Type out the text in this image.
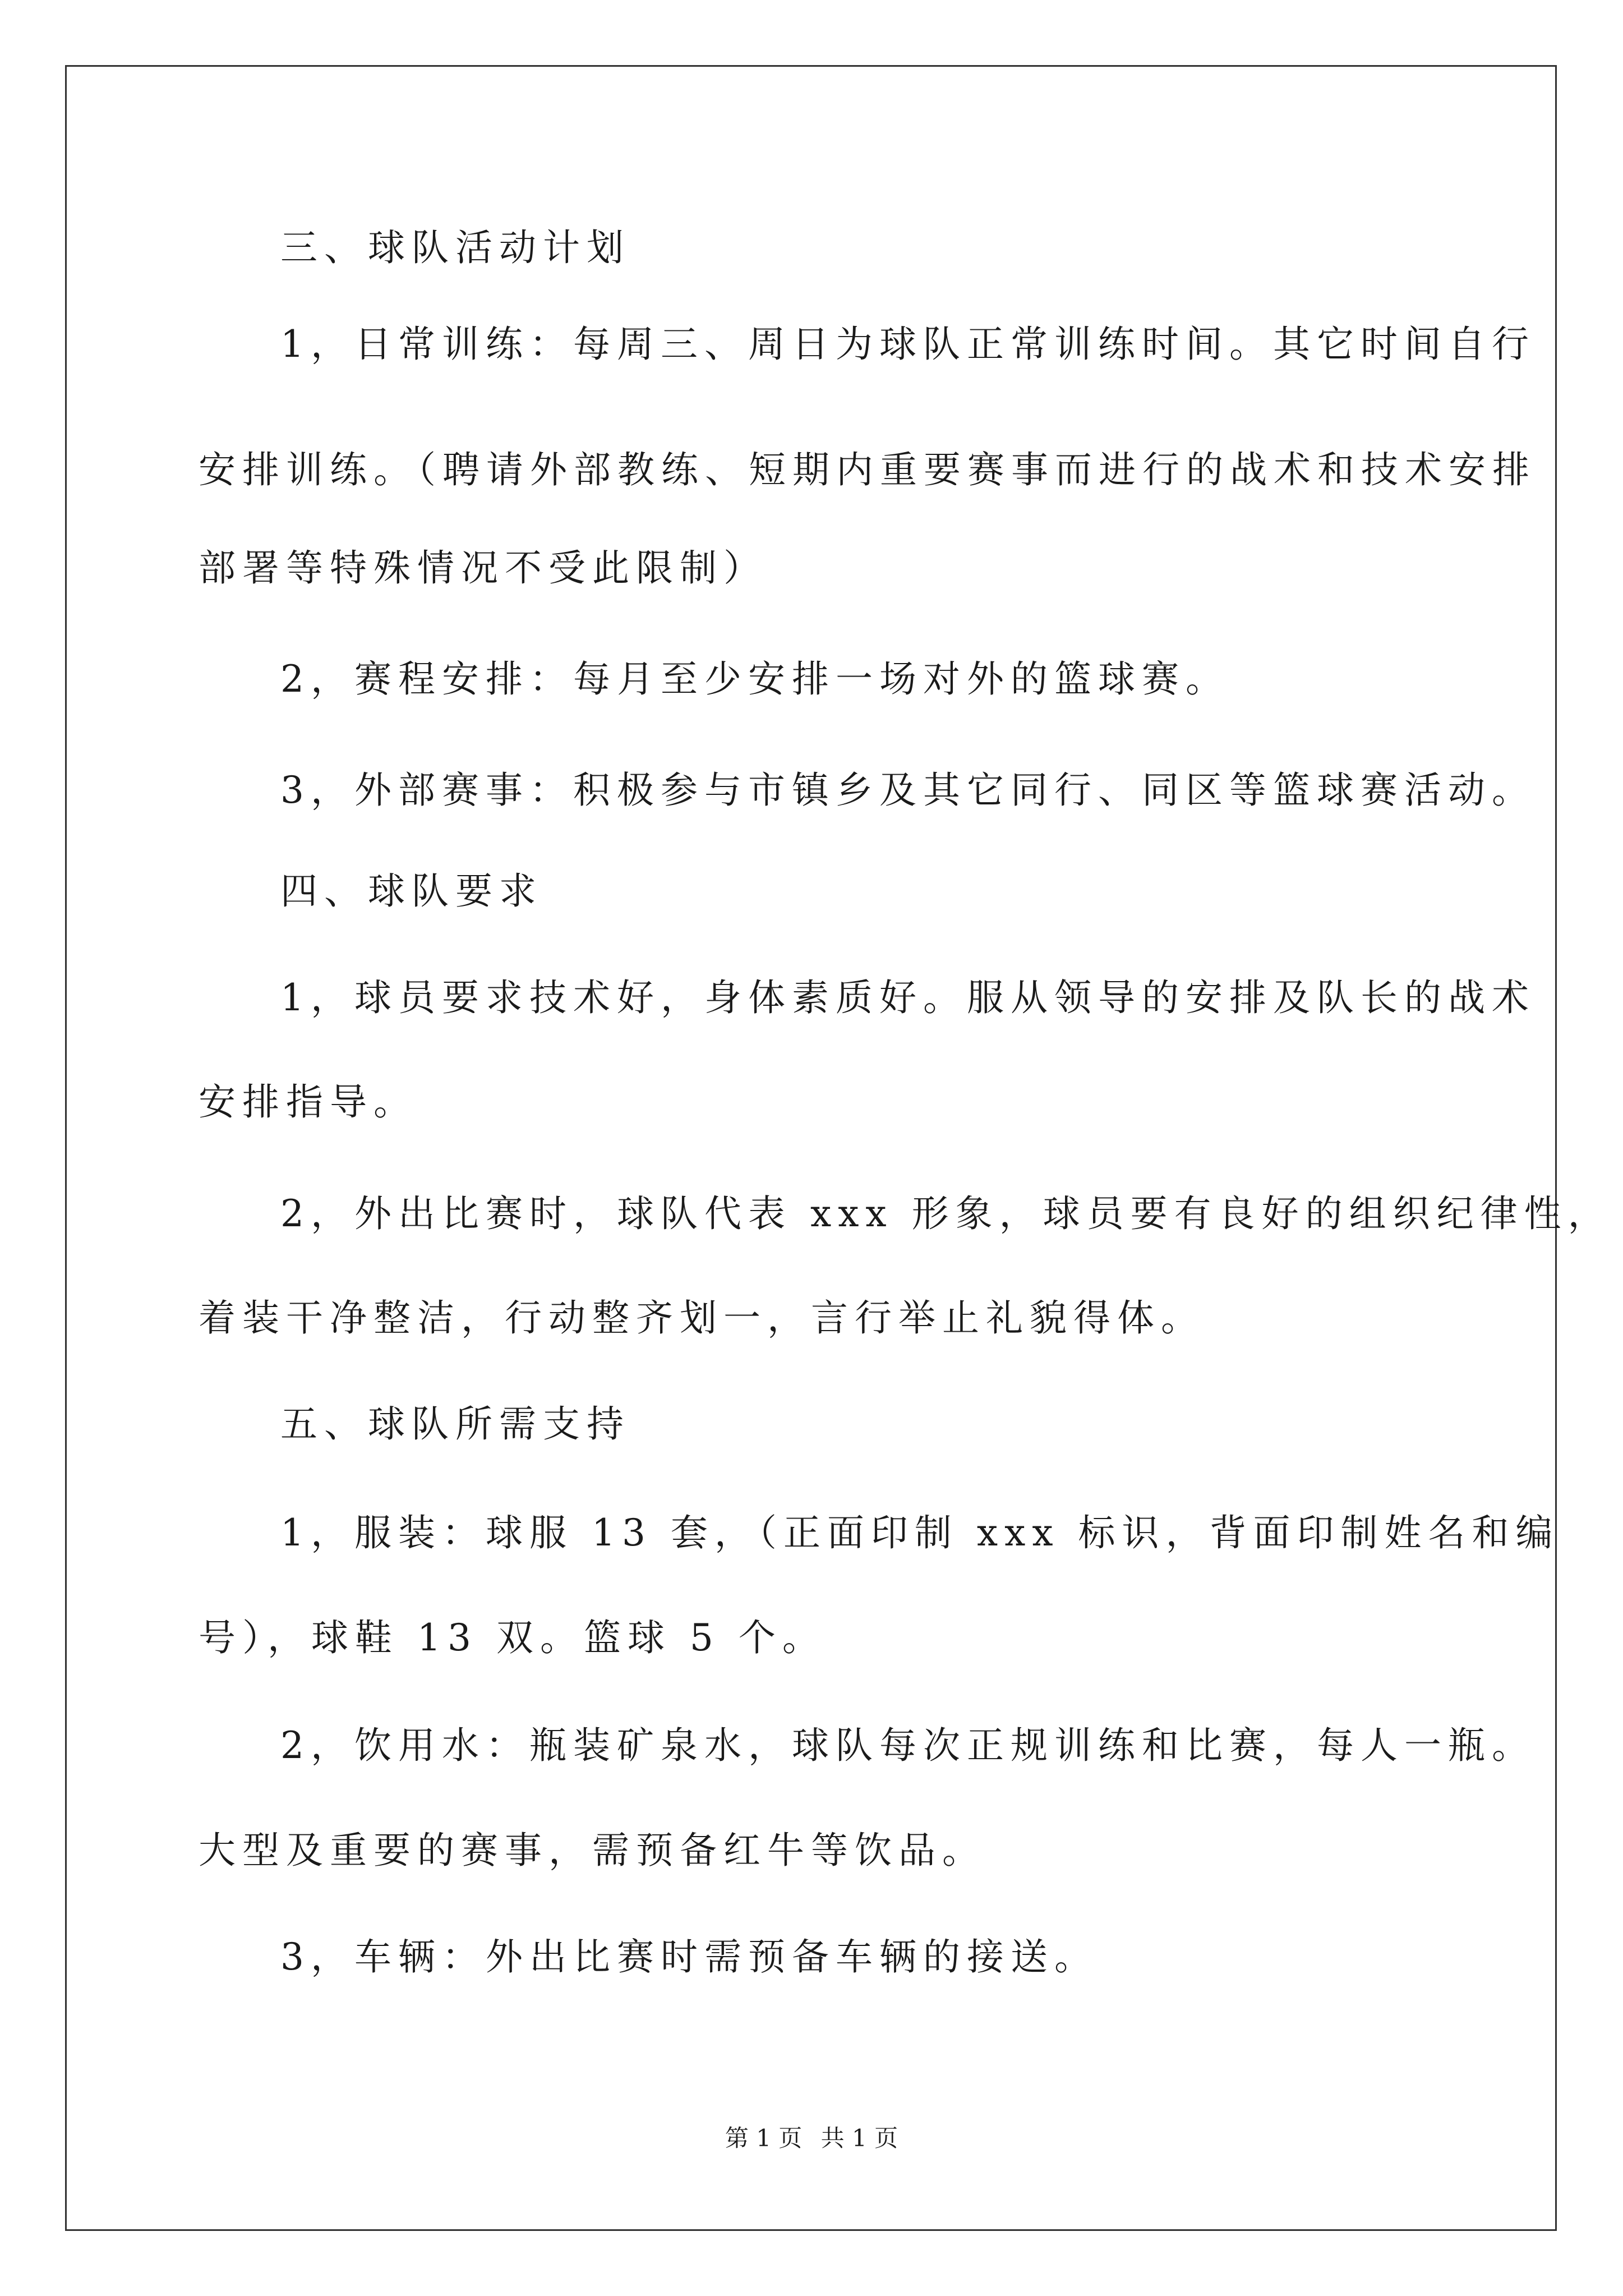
三、球队活动计划
1，日常训练：每周三、周日为球队正常训练时间。其它时间自行
安排训练。（聘请外部教练、短期内重要赛事而进行的战术和技术安排
部署等特殊情况不受此限制）
2，赛程安排：每月至少安排一场对外的篮球赛。
3，外部赛事：积极参与市镇乡及其它同行、同区等篮球赛活动。
四、球队要求
1，球员要求技术好，身体素质好。服从领导的安排及队长的战术
安排指导。
2，外出比赛时，球队代表 xxx 形象，球员要有良好的组织纪律性，
着装干净整洁，行动整齐划一，言行举止礼貌得体。
五、球队所需支持
1，服装：球服 13 套，（正面印制 xxx 标识，背面印制姓名和编
号），球鞋 13 双。篮球 5 个。
2，饮用水：瓶装矿泉水，球队每次正规训练和比赛，每人一瓶。
大型及重要的赛事，需预备红牛等饮品。
3，车辆：外出比赛时需预备车辆的接送。
第 1 页 共 1 页
